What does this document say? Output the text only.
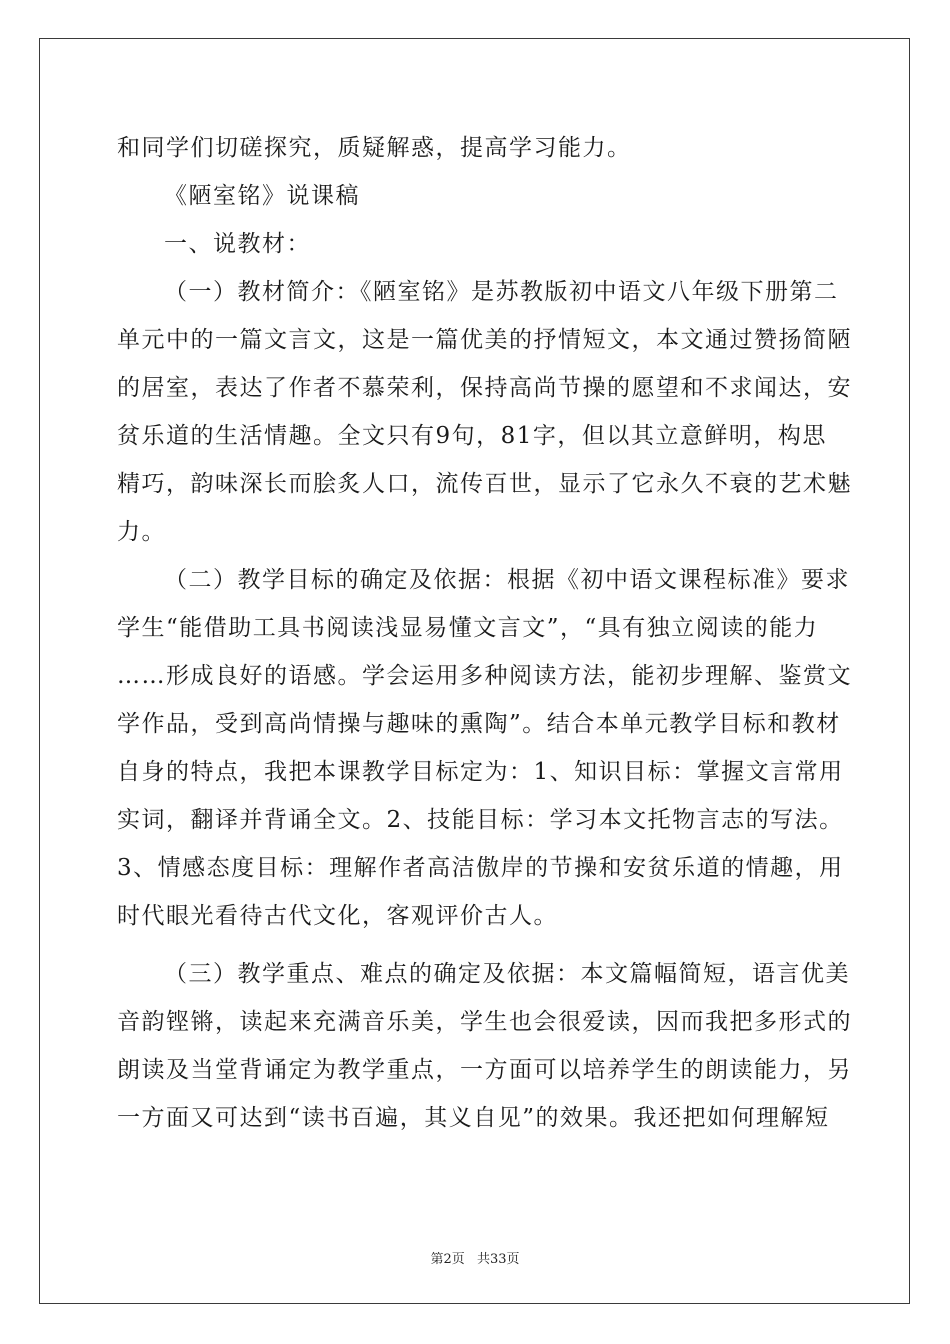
和同学们切磋探究，质疑解惑，提高学习能力。
《陋室铭》说课稿
一、说教材：
（一）教材简介：《陋室铭》是苏教版初中语文八年级下册第二
单元中的一篇文言文，这是一篇优美的抒情短文，本文通过赞扬简陋
的居室，表达了作者不慕荣利，保持高尚节操的愿望和不求闻达，安
贫乐道的生活情趣。全文只有9句，81字，但以其立意鲜明，构思
精巧，韵味深长而脍炙人口，流传百世，显示了它永久不衰的艺术魅
力。
（二）教学目标的确定及依据：根据《初中语文课程标准》要求
学生“能借助工具书阅读浅显易懂文言文”，“具有独立阅读的能力
……形成良好的语感。学会运用多种阅读方法，能初步理解、鉴赏文
学作品，受到高尚情操与趣味的熏陶”。结合本单元教学目标和教材
自身的特点，我把本课教学目标定为：1、知识目标：掌握文言常用
实词，翻译并背诵全文。2、技能目标：学习本文托物言志的写法。
3、情感态度目标：理解作者高洁傲岸的节操和安贫乐道的情趣，用
时代眼光看待古代文化，客观评价古人。
（三）教学重点、难点的确定及依据：本文篇幅简短，语言优美
音韵铿锵，读起来充满音乐美，学生也会很爱读，因而我把多形式的
朗读及当堂背诵定为教学重点，一方面可以培养学生的朗读能力，另
一方面又可达到“读书百遍，其义自见”的效果。我还把如何理解短
第2页 共33页
